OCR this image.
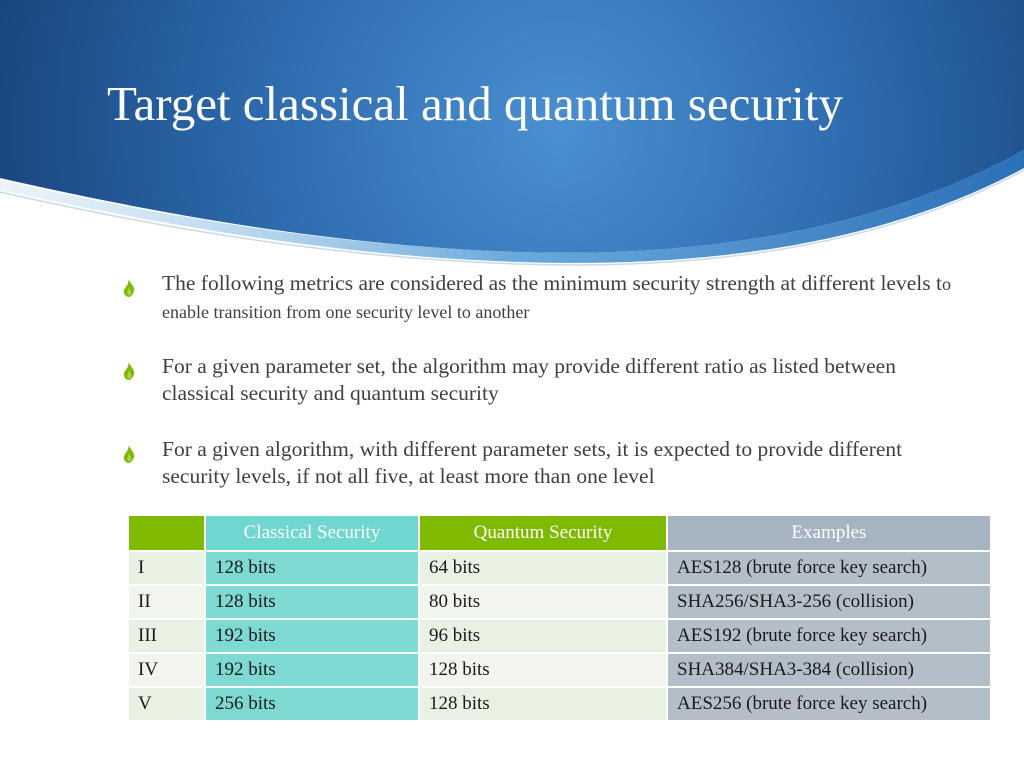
Target classical and quantum security
The following metrics are considered as the minimum security strength at different levels to enable transition from one security level to another
For a given parameter set, the algorithm may provide different ratio as listed between classical security and quantum security
For a given algorithm, with different parameter sets, it is expected to provide different security levels, if not all five, at least more than one level
	Classical Security	Quantum Security	Examples
I	128 bits	64 bits	AES128 (brute force key search)
II	128 bits	80 bits	SHA256/SHA3-256 (collision)
III	192 bits	96 bits	AES192 (brute force key search)
IV	192 bits	128 bits	SHA384/SHA3-384 (collision)
V	256 bits	128 bits	AES256 (brute force key search)
